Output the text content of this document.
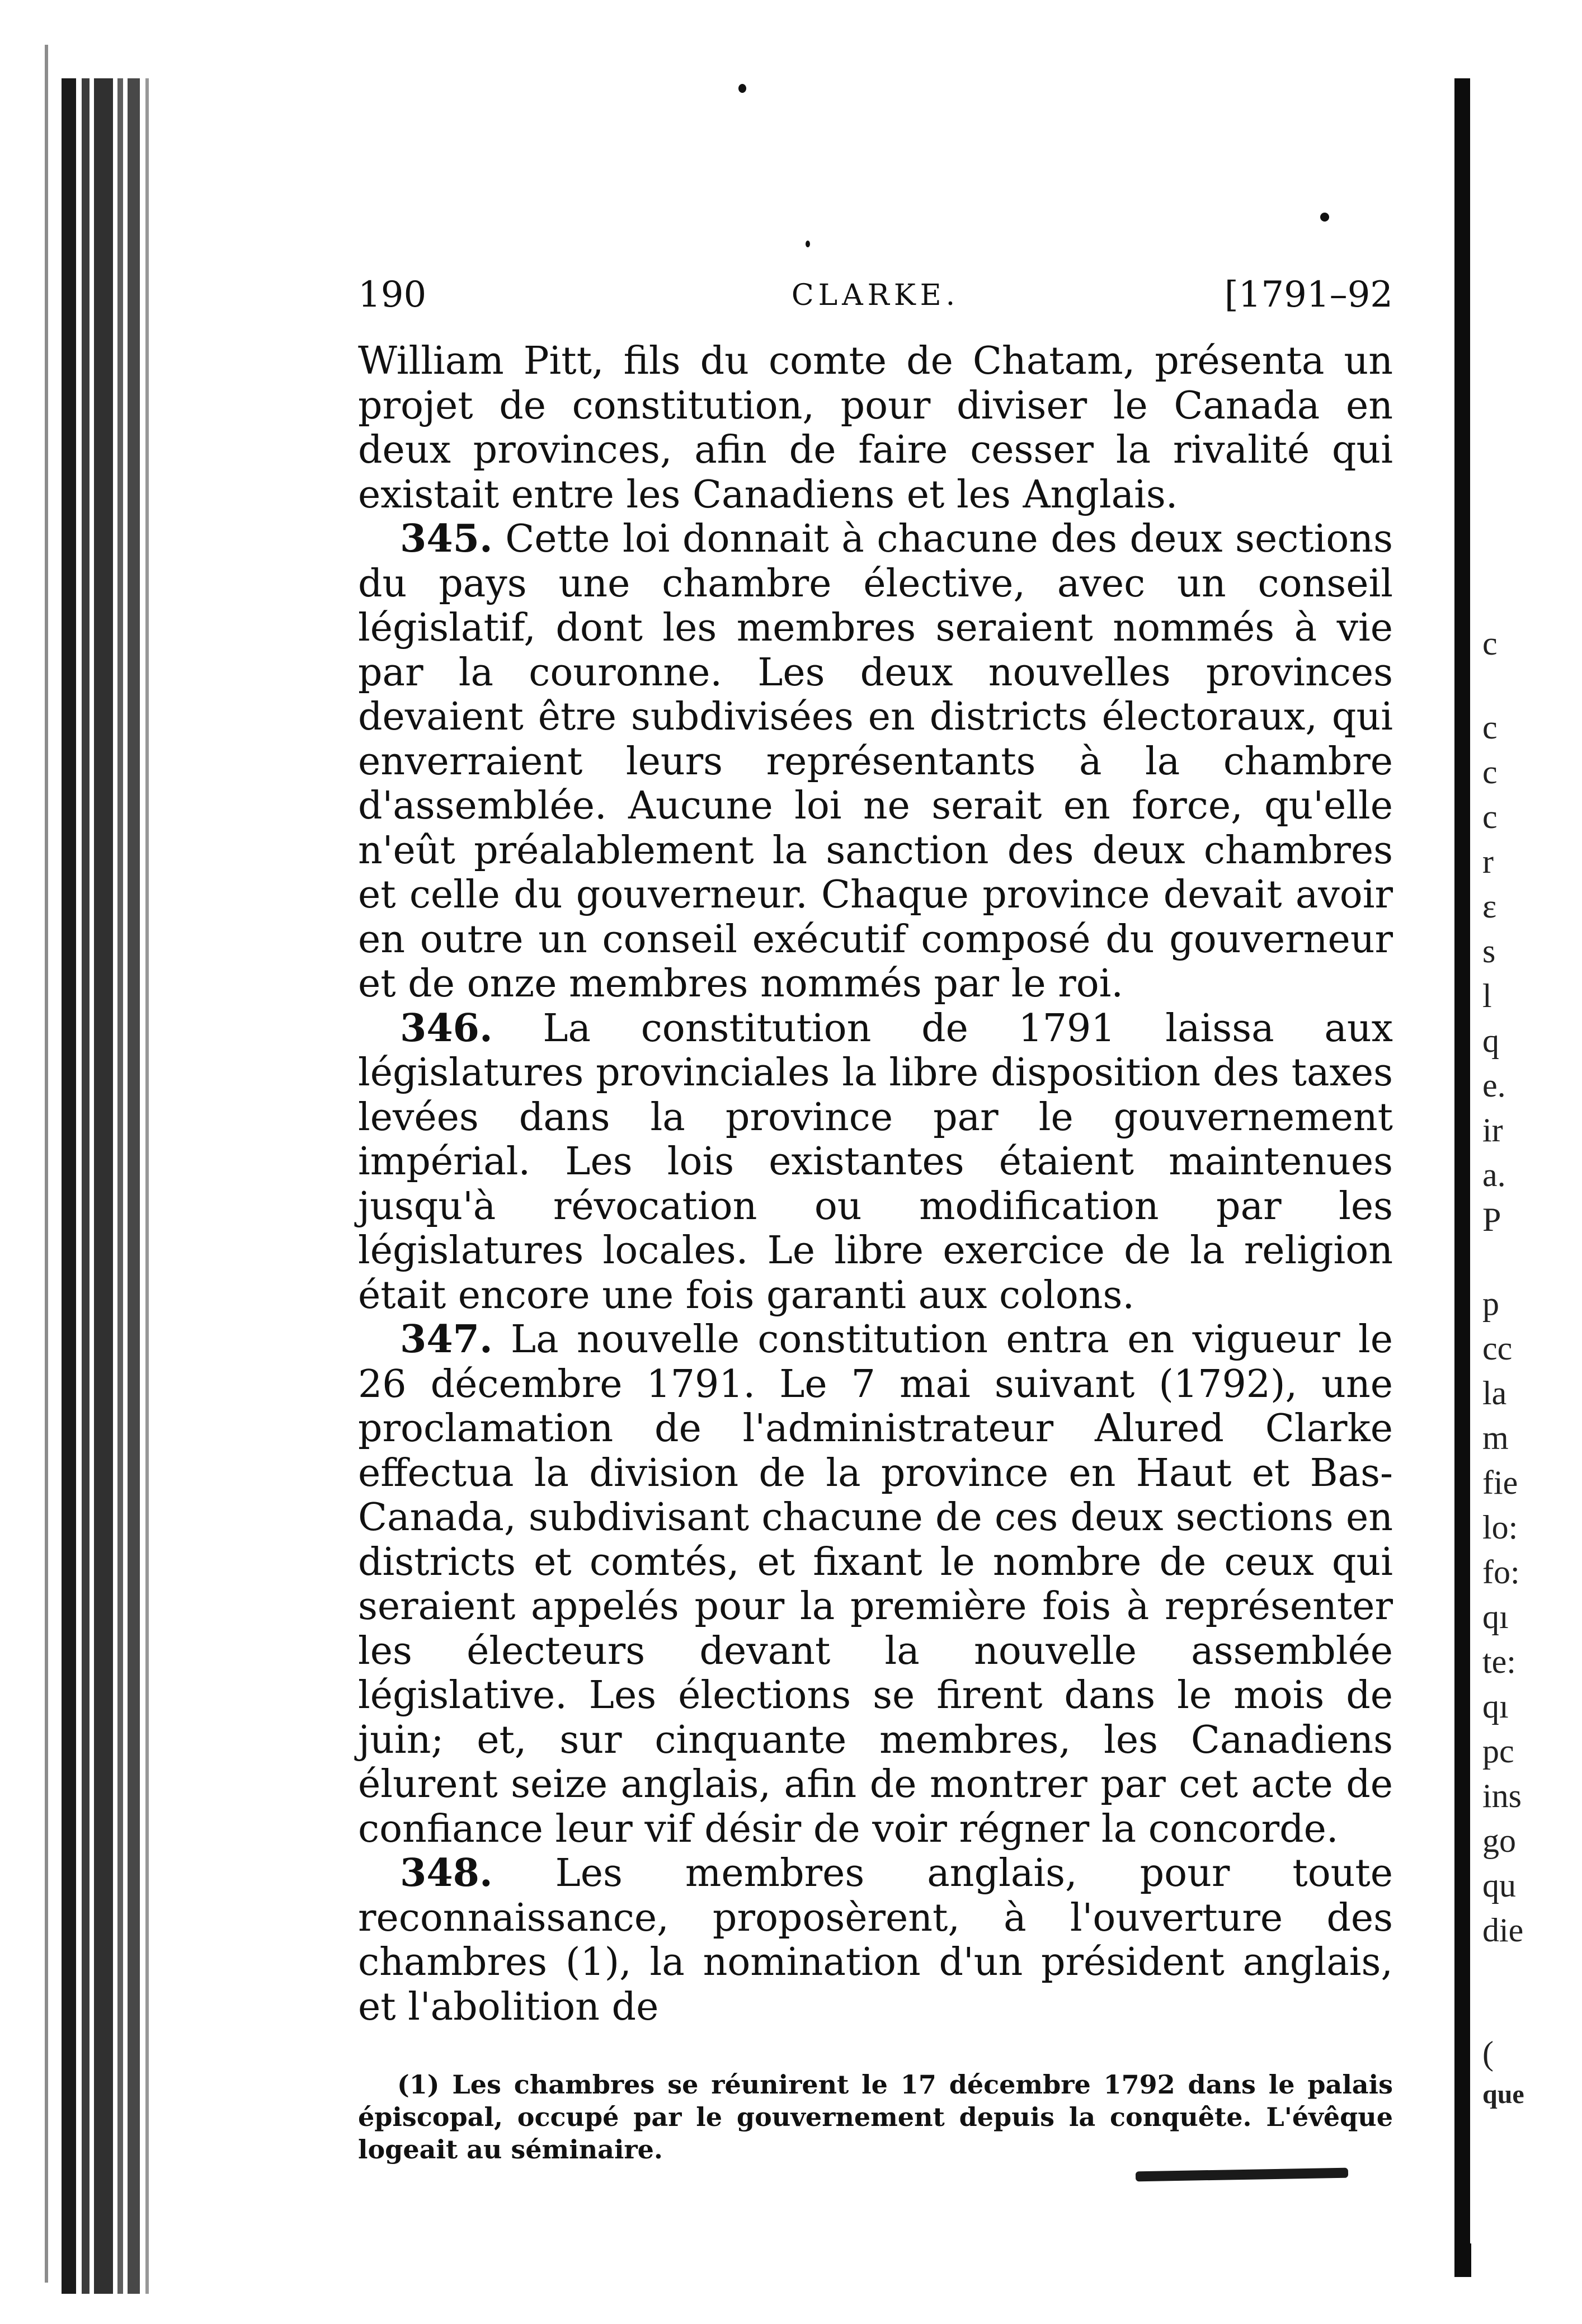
c
c
c
c
r
ε
s
l
q
e.
ir
a.
P
p
cc
la
m
fie
lo:
fo:
qı
te:
qı
pc
ins
go
qu
die
(
que
190	CLARKE.	[1791–92

William Pitt, fils du comte de Chatam, présenta un projet de constitution, pour diviser le Canada en deux provinces, afin de faire cesser la rivalité qui existait entre les Canadiens et les Anglais.

345. Cette loi donnait à chacune des deux sections du pays une chambre élective, avec un conseil législatif, dont les membres seraient nommés à vie par la couronne. Les deux nouvelles provinces devaient être subdivisées en districts électoraux, qui enverraient leurs représentants à la chambre d'assemblée. Aucune loi ne serait en force, qu'elle n'eût préalablement la sanction des deux chambres et celle du gouverneur. Chaque province devait avoir en outre un conseil exécutif composé du gouverneur et de onze membres nommés par le roi.

346. La constitution de 1791 laissa aux législatures provinciales la libre disposition des taxes levées dans la province par le gouvernement impérial. Les lois existantes étaient maintenues jusqu'à révocation ou modification par les législatures locales. Le libre exercice de la religion était encore une fois garanti aux colons.

347. La nouvelle constitution entra en vigueur le 26 décembre 1791. Le 7 mai suivant (1792), une proclamation de l'administrateur Alured Clarke effectua la division de la province en Haut et Bas-Canada, subdivisant chacune de ces deux sections en districts et comtés, et fixant le nombre de ceux qui seraient appelés pour la première fois à représenter les électeurs devant la nouvelle assemblée législative. Les élections se firent dans le mois de juin; et, sur cinquante membres, les Canadiens élurent seize anglais, afin de montrer par cet acte de confiance leur vif désir de voir régner la concorde.

348. Les membres anglais, pour toute reconnaissance, proposèrent, à l'ouverture des chambres (1), la nomination d'un président anglais, et l'abolition de

(1) Les chambres se réunirent le 17 décembre 1792 dans le palais épiscopal, occupé par le gouvernement depuis la conquête. L'évêque logeait au séminaire.
